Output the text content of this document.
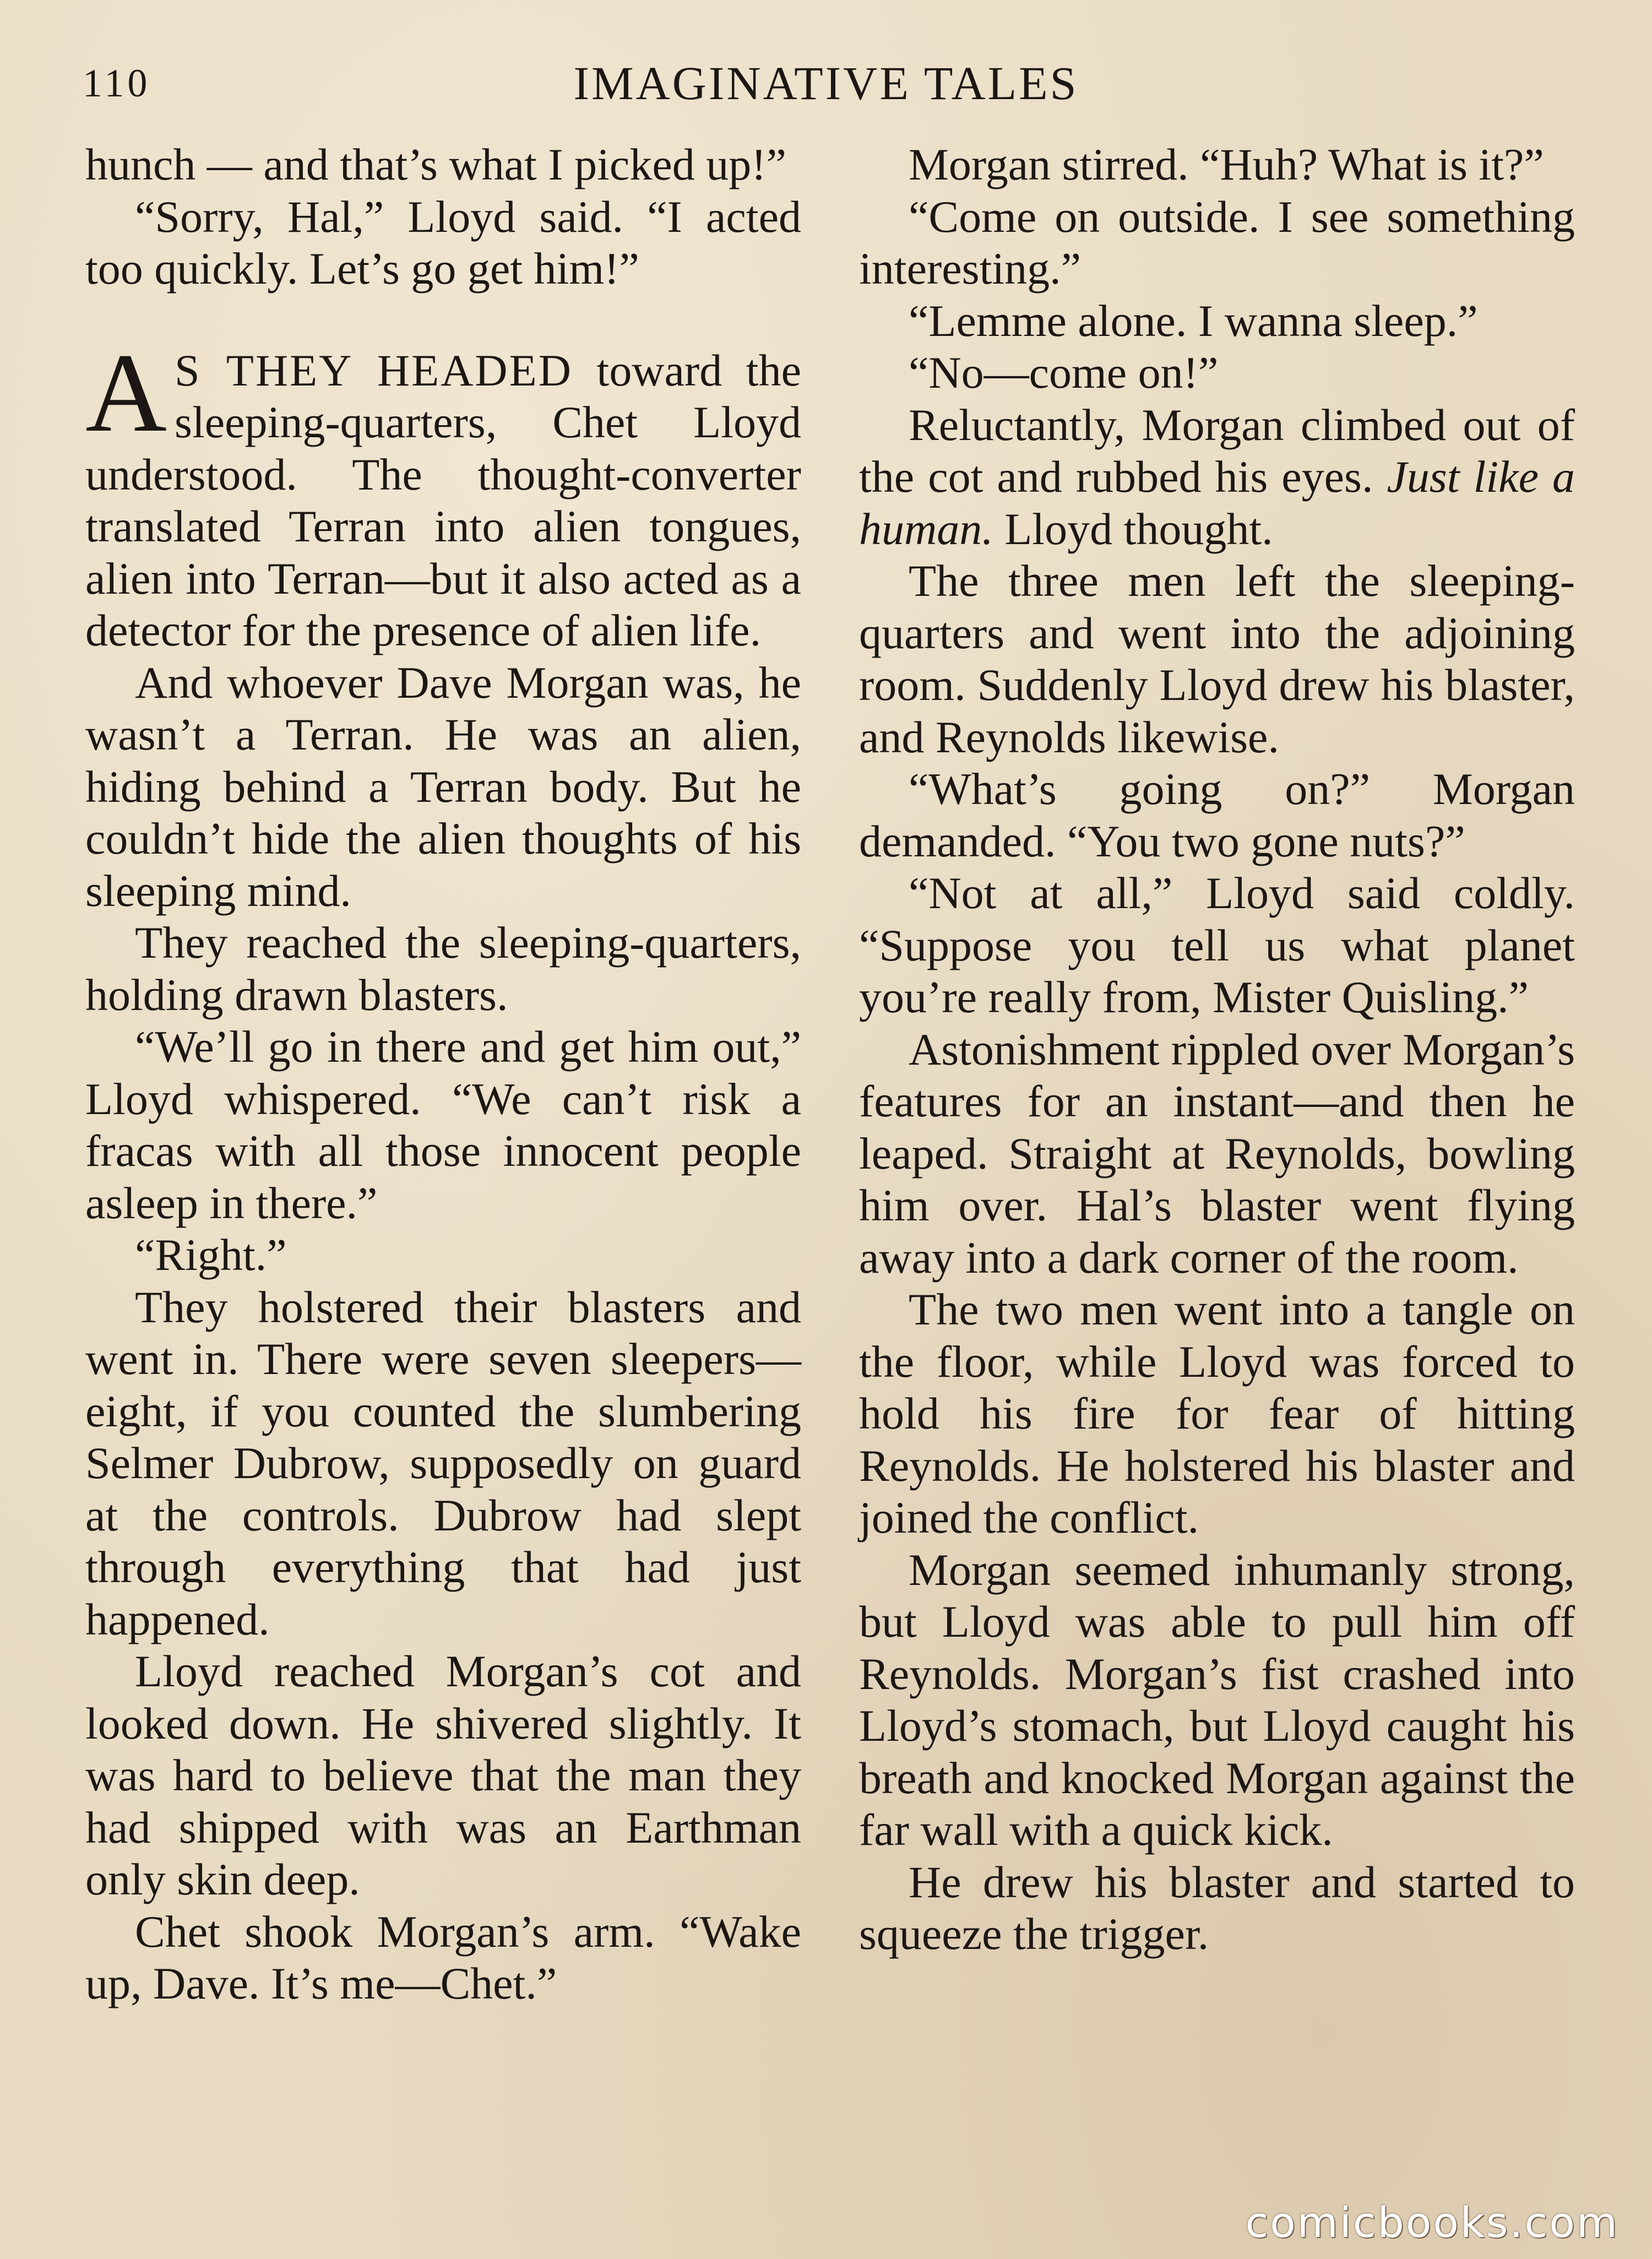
110	IMAGINATIVE TALES

hunch — and that’s what I picked up!”

“Sorry, Hal,” Lloyd said. “I acted too quickly. Let’s go get him!”

A S THEY HEADED toward the sleeping-quarters, Chet Lloyd understood. The thought-converter translated Terran into alien tongues, alien into Terran—but it also acted as a detector for the presence of alien life.

And whoever Dave Morgan was, he wasn’t a Terran. He was an alien, hiding behind a Terran body. But he couldn’t hide the alien thoughts of his sleeping mind.

They reached the sleeping-quarters, holding drawn blasters.

“We’ll go in there and get him out,” Lloyd whispered. “We can’t risk a fracas with all those innocent people asleep in there.”

“Right.”

They holstered their blasters and went in. There were seven sleepers—eight, if you counted the slumbering Selmer Dubrow, supposedly on guard at the controls. Dubrow had slept through everything that had just happened.

Lloyd reached Morgan’s cot and looked down. He shivered slightly. It was hard to believe that the man they had shipped with was an Earthman only skin deep.

Chet shook Morgan’s arm. “Wake up, Dave. It’s me—Chet.”

Morgan stirred. “Huh? What is it?”

“Come on outside. I see something interesting.”

“Lemme alone. I wanna sleep.”

“No—come on!”

Reluctantly, Morgan climbed out of the cot and rubbed his eyes. Just like a human. Lloyd thought.

The three men left the sleeping-quarters and went into the adjoining room. Suddenly Lloyd drew his blaster, and Reynolds likewise.

“What’s going on?” Morgan demanded. “You two gone nuts?”

“Not at all,” Lloyd said coldly. “Suppose you tell us what planet you’re really from, Mister Quisling.”

Astonishment rippled over Morgan’s features for an instant—and then he leaped. Straight at Reynolds, bowling him over. Hal’s blaster went flying away into a dark corner of the room.

The two men went into a tangle on the floor, while Lloyd was forced to hold his fire for fear of hitting Reynolds. He holstered his blaster and joined the conflict.

Morgan seemed inhumanly strong, but Lloyd was able to pull him off Reynolds. Morgan’s fist crashed into Lloyd’s stomach, but Lloyd caught his breath and knocked Morgan against the far wall with a quick kick.

He drew his blaster and started to squeeze the trigger.

comicbooks.com
